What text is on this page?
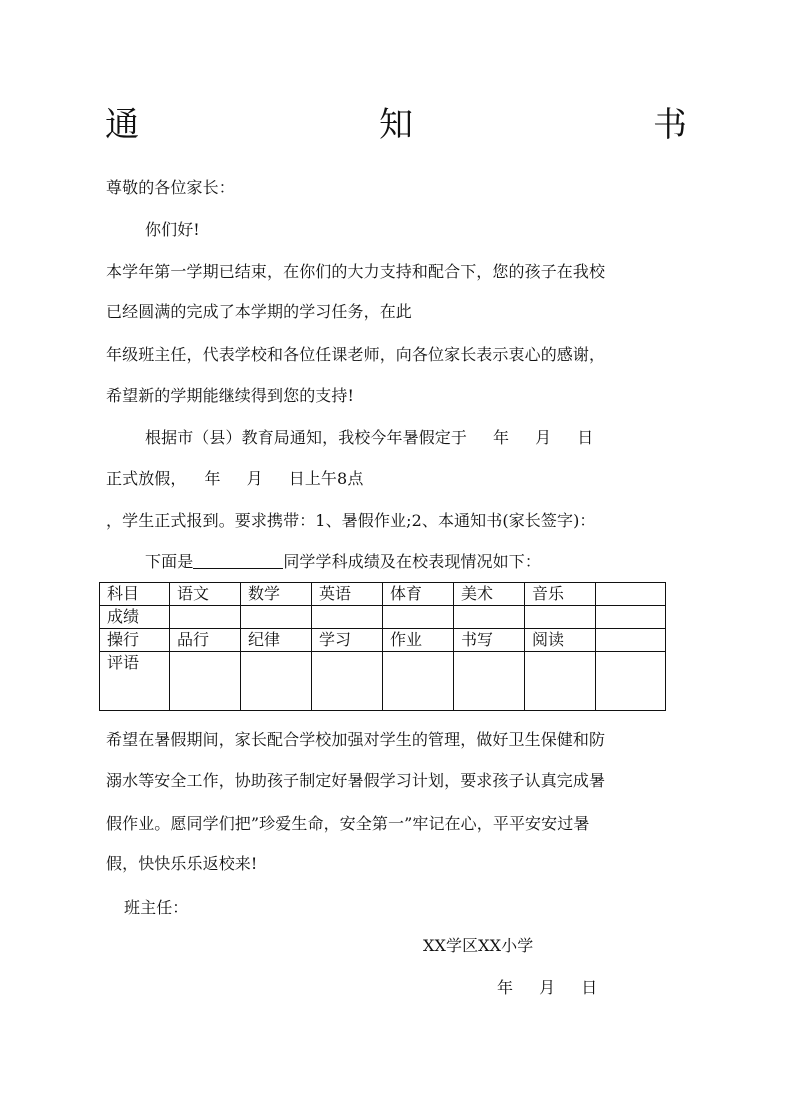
通	知	书
尊敬的各位家长：
你们好!
本学年第一学期已结束，在你们的大力支持和配合下，您的孩子在我校
已经圆满的完成了本学期的学习任务，在此
年级班主任，代表学校和各位任课老师，向各位家长表示衷心的感谢，
希望新的学期能继续得到您的支持!
根据市（县）教育局通知，我校今年暑假定于 年 月 日
正式放假， 年 月 日上午8点
，学生正式报到。要求携带：1、暑假作业;2、本通知书(家长签字)：
下面是	同学学科成绩及在校表现情况如下：
科目	语文	数学	英语	体育	美术	音乐	
成绩							
操行	品行	纪律	学习	作业	书写	阅读	
评语							
希望在暑假期间，家长配合学校加强对学生的管理，做好卫生保健和防
溺水等安全工作，协助孩子制定好暑假学习计划，要求孩子认真完成暑
假作业。愿同学们把”珍爱生命，安全第一”牢记在心，平平安安过暑
假，快快乐乐返校来!
班主任：
XX学区XX小学
年 月 日
